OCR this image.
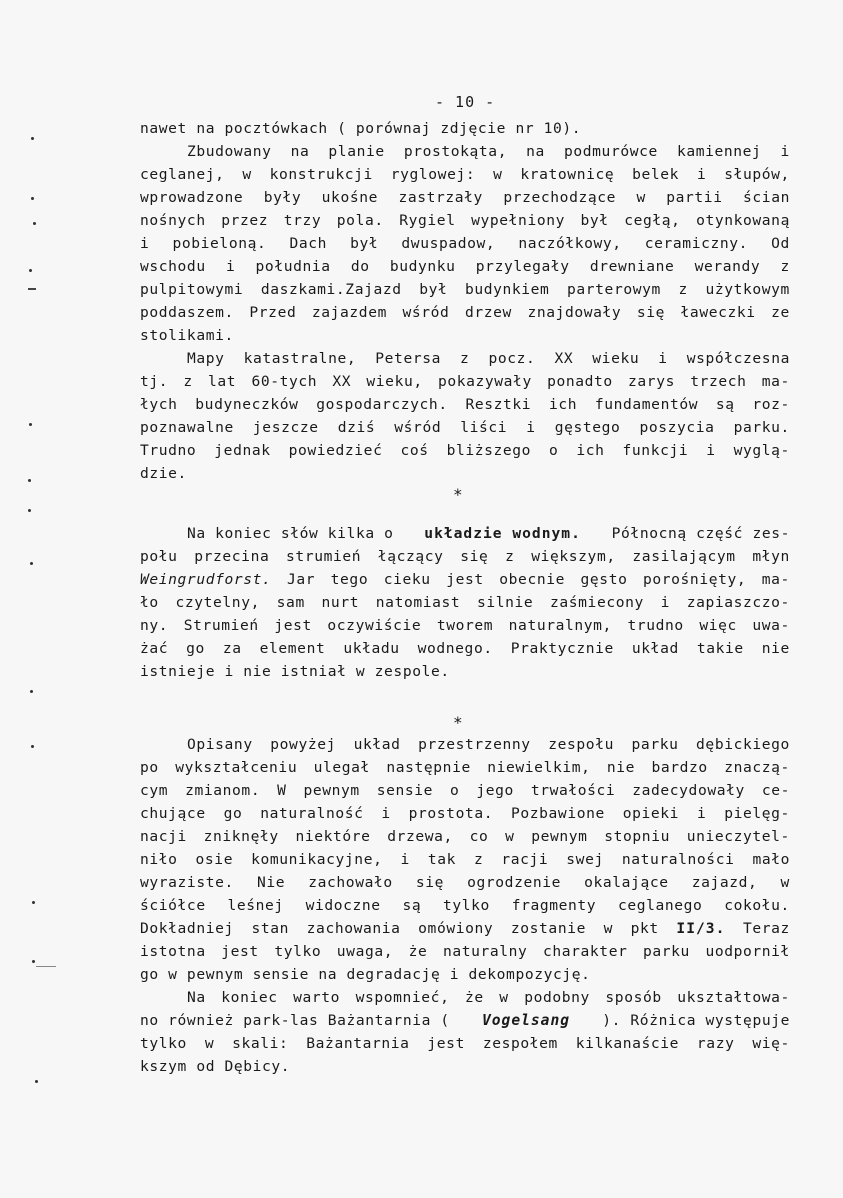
- 10 -
nawet na pocztówkach ( porównaj zdjęcie nr 10).
Zbudowany na planie prostokąta, na podmurówce kamiennej i
ceglanej, w konstrukcji ryglowej: w kratownicę belek i słupów,
wprowadzone były ukośne zastrzały przechodzące w partii ścian
nośnych przez trzy pola. Rygiel wypełniony był cegłą, otynkowaną
i pobieloną. Dach był dwuspadow, naczółkowy, ceramiczny. Od
wschodu i południa do budynku przylegały drewniane werandy z
pulpitowymi daszkami.Zajazd był budynkiem parterowym z użytkowym
poddaszem. Przed zajazdem wśród drzew znajdowały się ławeczki ze
stolikami.
Mapy katastralne, Petersa z pocz. XX wieku i współczesna
tj. z lat 60-tych XX wieku, pokazywały ponadto zarys trzech ma-
łych budyneczków gospodarczych. Resztki ich fundamentów są roz-
poznawalne jeszcze dziś wśród liści i gęstego poszycia parku.
Trudno jednak powiedzieć coś bliższego o ich funkcji i wyglą-
dzie.
*
Na koniec słów kilka o układzie wodnym. Północną część zes-
połu przecina strumień łączący się z większym, zasilającym młyn
Weingrudforst. Jar tego cieku jest obecnie gęsto porośnięty, ma-
ło czytelny, sam nurt natomiast silnie zaśmiecony i zapiaszczo-
ny. Strumień jest oczywiście tworem naturalnym, trudno więc uwa-
żać go za element układu wodnego. Praktycznie układ takie nie
istnieje i nie istniał w zespole.
*
Opisany powyżej układ przestrzenny zespołu parku dębickiego
po wykształceniu ulegał następnie niewielkim, nie bardzo znaczą-
cym zmianom. W pewnym sensie o jego trwałości zadecydowały ce-
chujące go naturalność i prostota. Pozbawione opieki i pielęg-
nacji zniknęły niektóre drzewa, co w pewnym stopniu unieczytel-
niło osie komunikacyjne, i tak z racji swej naturalności mało
wyraziste. Nie zachowało się ogrodzenie okalające zajazd, w
ściółce leśnej widoczne są tylko fragmenty ceglanego cokołu.
Dokładniej stan zachowania omówiony zostanie w pkt II/3. Teraz
istotna jest tylko uwaga, że naturalny charakter parku uodpornił
go w pewnym sensie na degradację i dekompozycję.
Na koniec warto wspomnieć, że w podobny sposób ukształtowa-
no również park-las Bażantarnia ( Vogelsang ). Różnica występuje
tylko w skali: Bażantarnia jest zespołem kilkanaście razy wię-
kszym od Dębicy.
